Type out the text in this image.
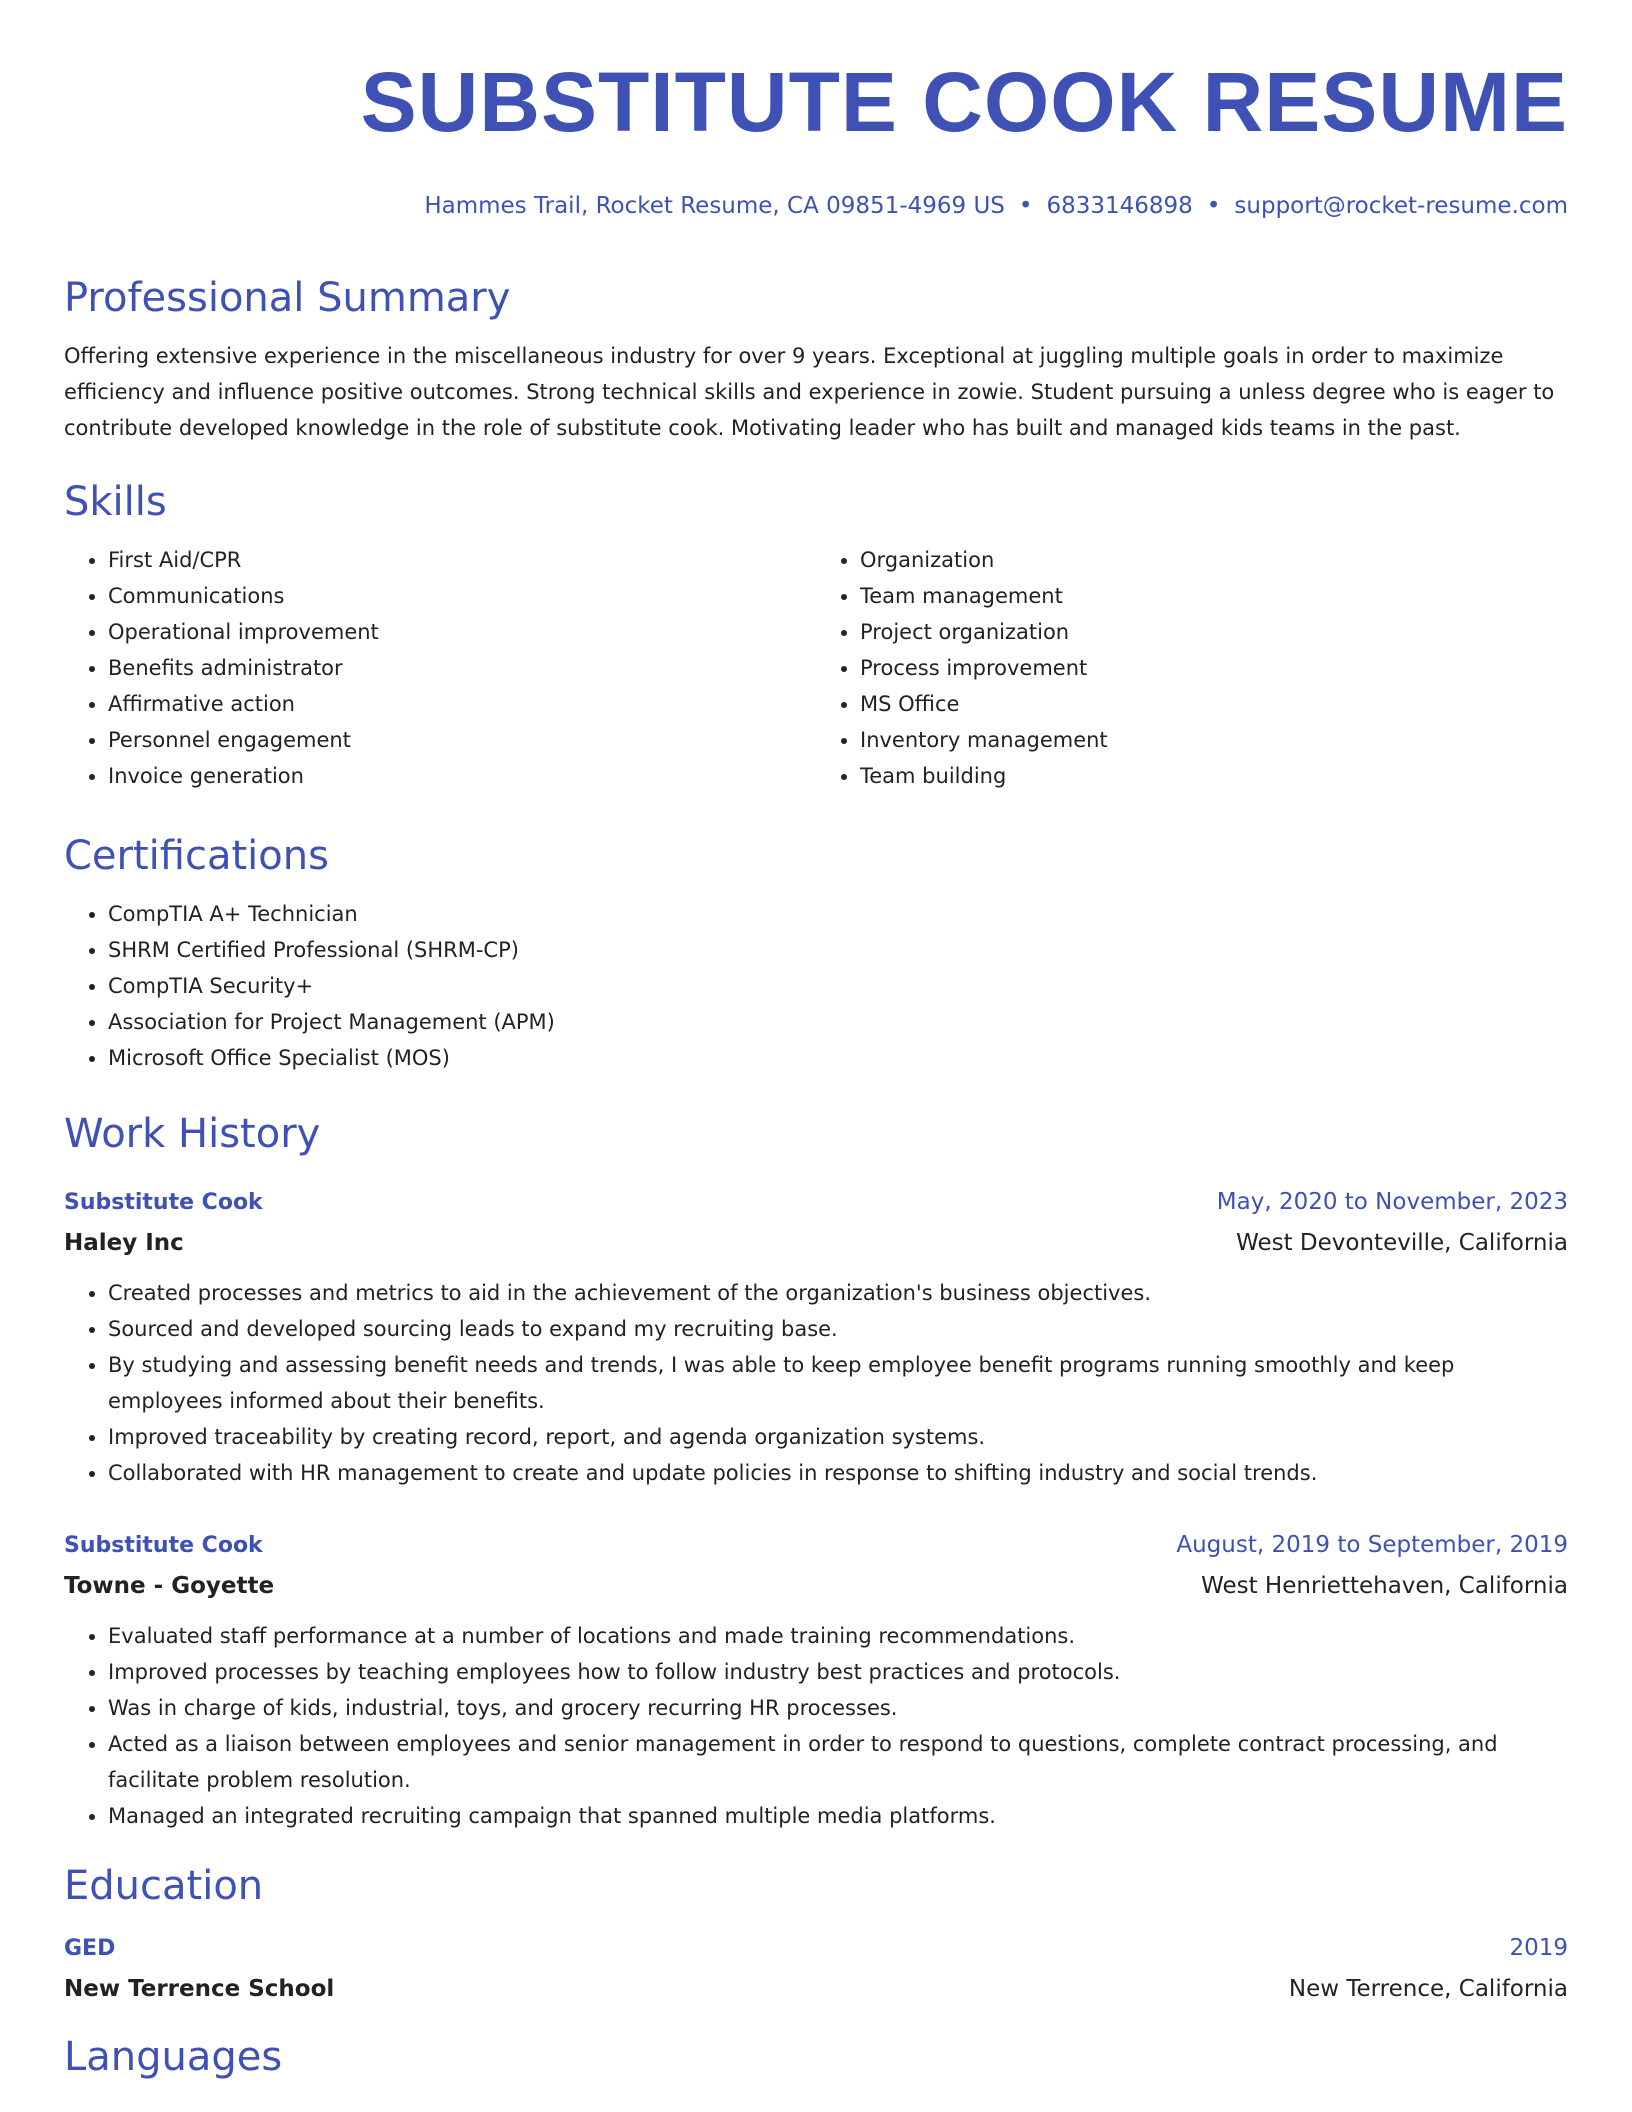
SUBSTITUTE COOK RESUME
Hammes Trail, Rocket Resume, CA 09851-4969 US • 6833146898 • support@rocket-resume.com
Professional Summary

Offering extensive experience in the miscellaneous industry for over 9 years. Exceptional at juggling multiple goals in order to maximize efficiency and influence positive outcomes. Strong technical skills and experience in zowie. Student pursuing a unless degree who is eager to contribute developed knowledge in the role of substitute cook. Motivating leader who has built and managed kids teams in the past.

Skills
• First Aid/CPR
• Communications
• Operational improvement
• Benefits administrator
• Affirmative action
• Personnel engagement
• Invoice generation
• Organization
• Team management
• Project organization
• Process improvement
• MS Office
• Inventory management
• Team building
Certifications
• CompTIA A+ Technician
• SHRM Certified Professional (SHRM-CP)
• CompTIA Security+
• Association for Project Management (APM)
• Microsoft Office Specialist (MOS)
Work History
Substitute Cook	May, 2020 to November, 2023
Haley Inc	West Devonteville, California
• Created processes and metrics to aid in the achievement of the organization's business objectives.
• Sourced and developed sourcing leads to expand my recruiting base.
• By studying and assessing benefit needs and trends, I was able to keep employee benefit programs running smoothly and keep employees informed about their benefits.
• Improved traceability by creating record, report, and agenda organization systems.
• Collaborated with HR management to create and update policies in response to shifting industry and social trends.
Substitute Cook	August, 2019 to September, 2019
Towne - Goyette	West Henriettehaven, California
• Evaluated staff performance at a number of locations and made training recommendations.
• Improved processes by teaching employees how to follow industry best practices and protocols.
• Was in charge of kids, industrial, toys, and grocery recurring HR processes.
• Acted as a liaison between employees and senior management in order to respond to questions, complete contract processing, and facilitate problem resolution.
• Managed an integrated recruiting campaign that spanned multiple media platforms.
Education
GED	2019
New Terrence School	New Terrence, California
Languages
